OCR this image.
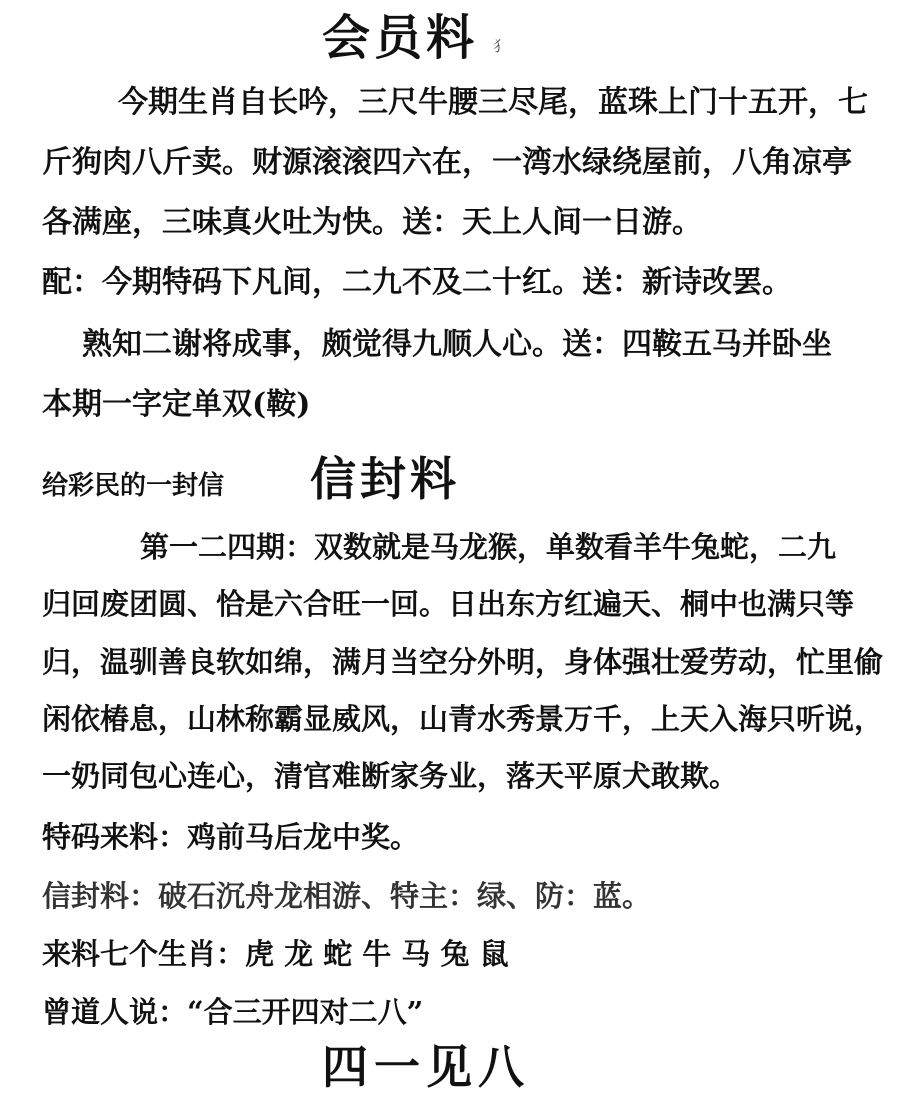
会员料 犭
今期生肖自长吟，三尺牛腰三尽尾，蓝珠上门十五开，七
斤狗肉八斤卖。财源滚滚四六在，一湾水绿绕屋前，八角凉亭
各满座，三味真火吐为快。送：天上人间一日游。
配：今期特码下凡间，二九不及二十红。送：新诗改罢。
熟知二谢将成事，颇觉得九顺人心。送：四鞍五马并卧坐
本期一字定单双(鞍)
给彩民的一封信 信封料
第一二四期：双数就是马龙猴，单数看羊牛兔蛇，二九
归回废团圆、恰是六合旺一回。日出东方红遍天、桐中也满只等
归，温驯善良软如绵，满月当空分外明，身体强壮爱劳动，忙里偷
闲依椿息，山林称霸显威风，山青水秀景万千，上天入海只听说，
一奶同包心连心，清官难断家务业，落天平原犬敢欺。
特码来料：鸡前马后龙中奖。
信封料：破石沉舟龙相游、特主：绿、防：蓝。
来料七个生肖：虎 龙 蛇 牛 马 兔 鼠
曾道人说：“合三开四对二八”
四一见八
